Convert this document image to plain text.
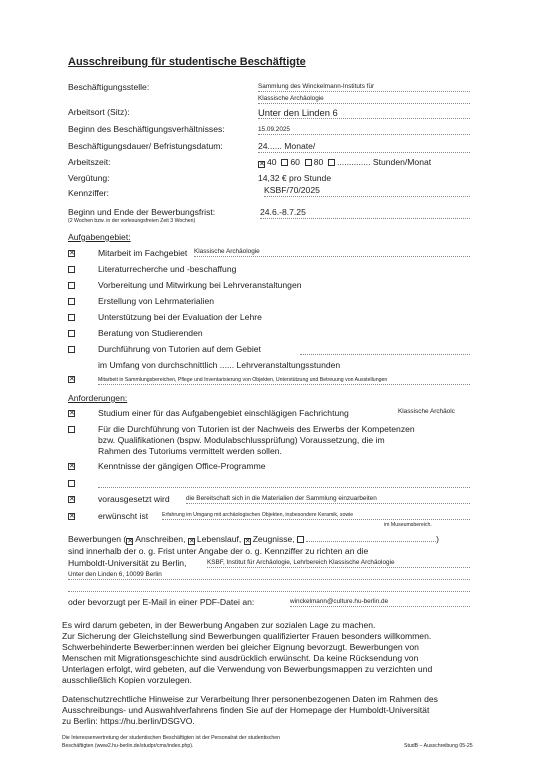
Ausschreibung für studentische Beschäftigte
Beschäftigungsstelle:	Sammlung des Winckelmann-Instituts für
Klassische Archäologie
Arbeitsort (Sitz):	Unter den Linden 6
Beginn des Beschäftigungsverhältnisses:	15.09.2025
Beschäftigungsdauer/ Befristungsdatum:	24...... Monate/
Arbeitszeit: ✕	40 60 80 .............. Stunden/Monat
Vergütung:	14,32 € pro Stunde
Kennziffer:	KSBF/70/2025
Beginn und Ende der Bewerbungsfrist:	24.6.-8.7.25
(2 Wochen bzw. in der vorlesungsfreien Zeit 3 Wochen)
Aufgabengebiet:
✕
Mitarbeit im Fachgebiet Klassische Archäologie
Literaturrecherche und -beschaffung
Vorbereitung und Mitwirkung bei Lehrveranstaltungen
Erstellung von Lehrmaterialien
Unterstützung bei der Evaluation der Lehre
Beratung von Studierenden
Durchführung von Tutorien auf dem Gebiet
im Umfang von durchschnittlich ...... Lehrveranstaltungsstunden
✕
Mitarbeit in Sammlungsbereichen, Pflege und Inventarisierung von Objekten, Unterstützung und Betreuung von Ausstellungen
Anforderungen:
✕
Studium einer für das Aufgabengebiet einschlägigen Fachrichtung	Klassische Archäolc
Für die Durchführung von Tutorien ist der Nachweis des Erwerbs der Kompetenzen
bzw. Qualifikationen (bspw. Modulabschlussprüfung) Voraussetzung, die im
Rahmen des Tutoriums vermittelt werden sollen.
✕
Kenntnisse der gängigen Office-Programme
✕
vorausgesetzt wird	die Bereitschaft sich in die Materialien der Sammlung einzuarbeiten
✕
erwünscht ist	Erfahrung im Umgang mit archäologischen Objekten, insbesondere Keramik, sowie
im Museumsbereich.
Bewerbungen ( ✕ Anschreiben, ✕ Lebenslauf, ✕ Zeugnisse,	)
sind innerhalb der o. g. Frist unter Angabe der o. g. Kennziffer zu richten an die
Humboldt-Universität zu Berlin,	KSBF, Institut für Archäologie, Lehrbereich Klassische Archäologie
Unter den Linden 6, 10099 Berlin
oder bevorzugt per E-Mail in einer PDF-Datei an:	winckelmann@culture.hu-berlin.de
Es wird darum gebeten, in der Bewerbung Angaben zur sozialen Lage zu machen.
Zur Sicherung der Gleichstellung sind Bewerbungen qualifizierter Frauen besonders willkommen.
Schwerbehinderte Bewerber:innen werden bei gleicher Eignung bevorzugt. Bewerbungen von
Menschen mit Migrationsgeschichte sind ausdrücklich erwünscht. Da keine Rücksendung von
Unterlagen erfolgt, wird gebeten, auf die Verwendung von Bewerbungsmappen zu verzichten und
ausschließlich Kopien vorzulegen.
Datenschutzrechtliche Hinweise zur Verarbeitung Ihrer personenbezogenen Daten im Rahmen des
Ausschreibungs- und Auswahlverfahrens finden Sie auf der Homepage der Humboldt-Universität
zu Berlin: https://hu.berlin/DSGVO.
Die Interessenvertretung der studentischen Beschäftigten ist der Personalrat der studentischen
Beschäftigten (www2.hu-berlin.de/studpr/cms/index.php).	StudB – Ausschreibung 05-25
